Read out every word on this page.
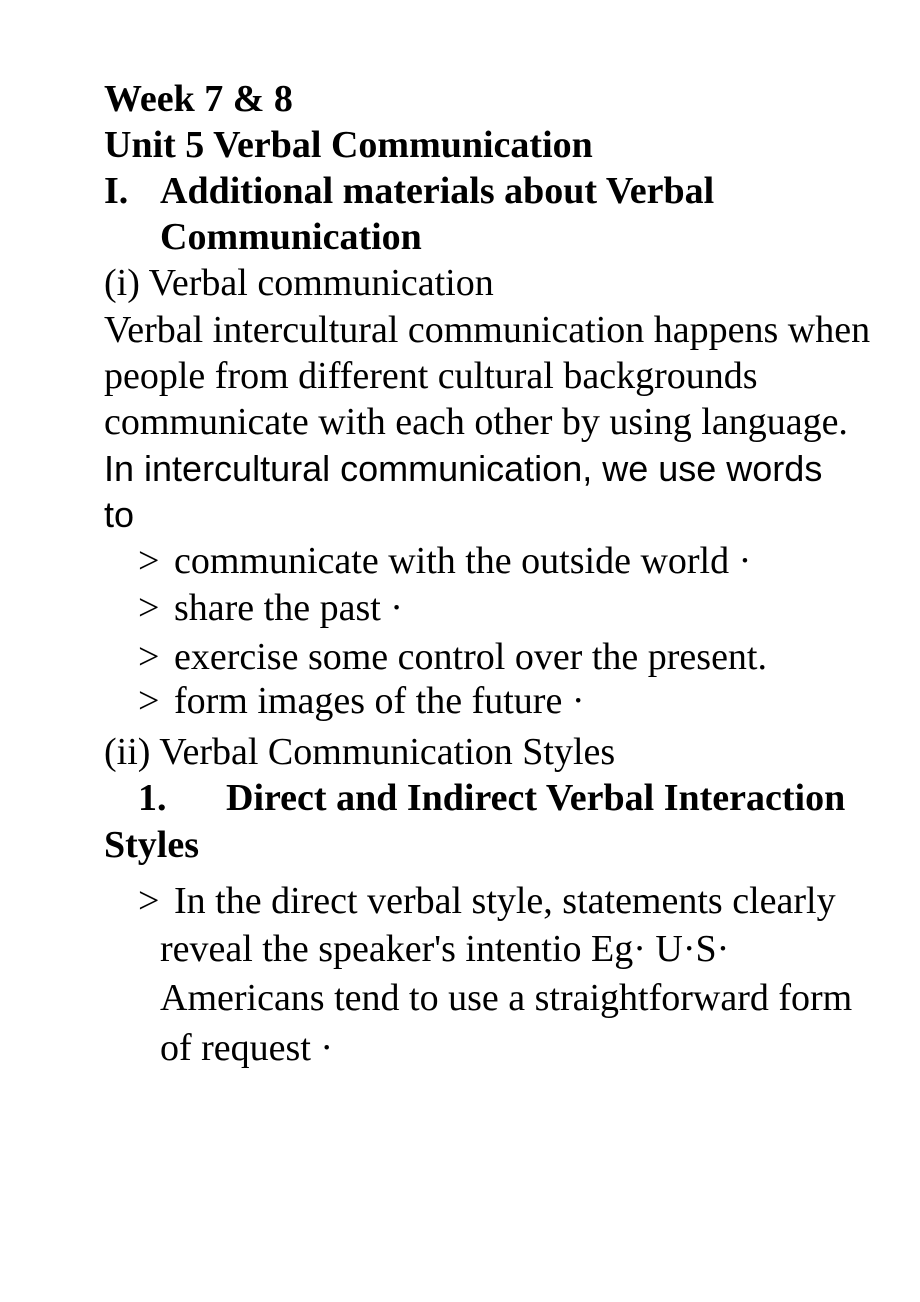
Week 7 & 8
Unit 5 Verbal Communication
I. Additional materials about Verbal
Communication
(i) Verbal communication
Verbal intercultural communication happens when
people from different cultural backgrounds
communicate with each other by using language.
In intercultural communication, we use words
to
> communicate with the outside world ·
> share the past ·
> exercise some control over the present.
> form images of the future ·
(ii) Verbal Communication Styles
1. Direct and Indirect Verbal Interaction
Styles
> In the direct verbal style, statements clearly
reveal the speaker's intentio Eg· U·S·
Americans tend to use a straightforward form
of request ·
